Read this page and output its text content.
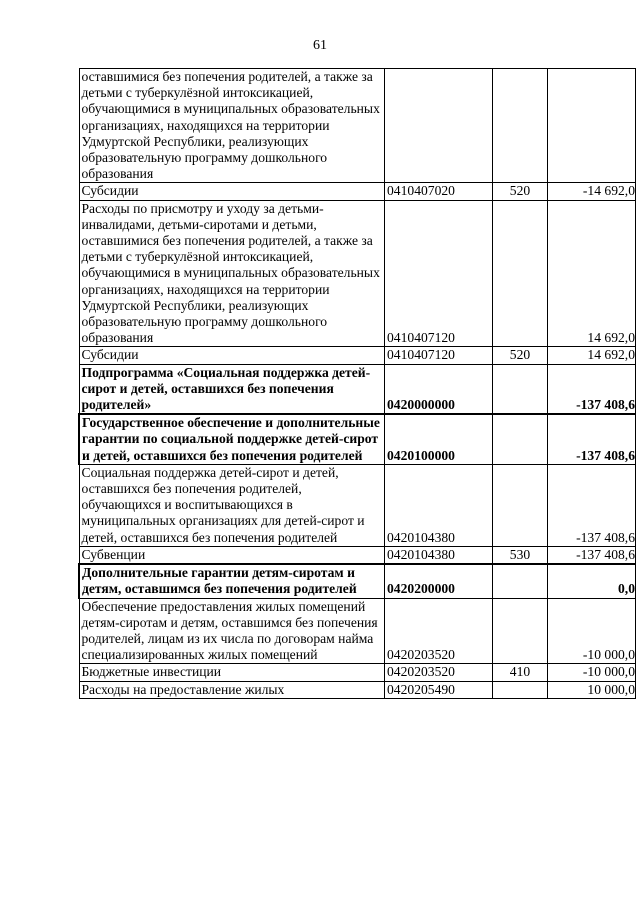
61
оставшимися без попечения родителей, а также за детьми с туберкулёзной интоксикацией, обучающимися в муниципальных образовательных организациях, находящихся на территории Удмуртской Республики, реализующих образовательную программу дошкольного образования			
Субсидии	0410407020	520	-14 692,0
Расходы по присмотру и уходу за детьми-инвалидами, детьми-сиротами и детьми, оставшимися без попечения родителей, а также за детьми с туберкулёзной интоксикацией, обучающимися в муниципальных образовательных организациях, находящихся на территории Удмуртской Республики, реализующих образовательную программу дошкольного образования	0410407120		14 692,0
Субсидии	0410407120	520	14 692,0
Подпрограмма «Социальная поддержка детей-сирот и детей, оставшихся без попечения родителей»	0420000000		-137 408,6
Государственное обеспечение и дополнительные гарантии по социальной поддержке детей-сирот и детей, оставшихся без попечения родителей	0420100000		-137 408,6
Социальная поддержка детей-сирот и детей, оставшихся без попечения родителей, обучающихся и воспитывающихся в муниципальных организациях для детей-сирот и детей, оставшихся без попечения родителей	0420104380		-137 408,6
Субвенции	0420104380	530	-137 408,6
Дополнительные гарантии детям-сиротам и детям, оставшимся без попечения родителей	0420200000		0,0
Обеспечение предоставления жилых помещений детям-сиротам и детям, оставшимся без попечения родителей, лицам из их числа по договорам найма специализированных жилых помещений	0420203520		-10 000,0
Бюджетные инвестиции	0420203520	410	-10 000,0
Расходы на предоставление жилых	0420205490		10 000,0
